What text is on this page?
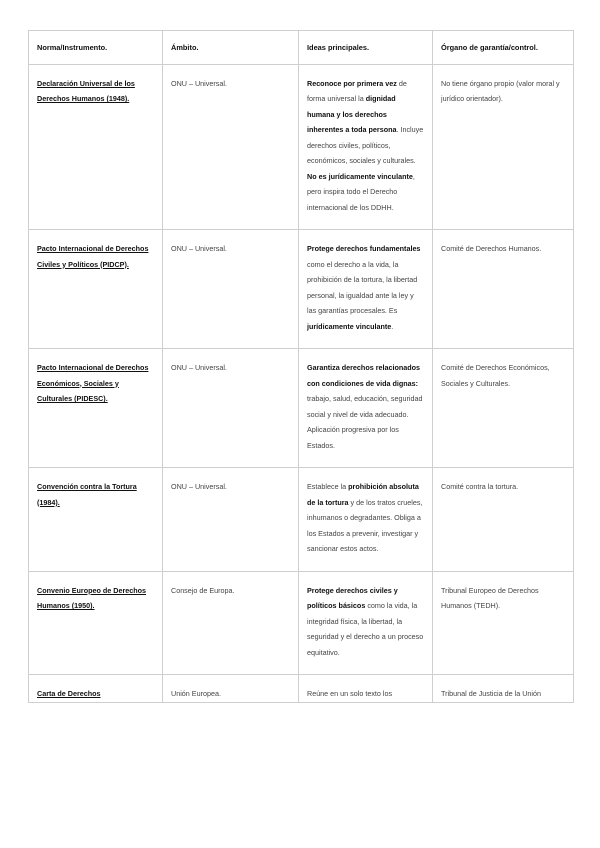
Norma/Instrumento.	Ámbito.	Ideas principales.	Órgano de garantía/control.
Declaración Universal de los Derechos Humanos (1948).	ONU – Universal.	Reconoce por primera vez de forma universal la dignidad humana y los derechos inherentes a toda persona. Incluye derechos civiles, políticos, económicos, sociales y culturales. No es jurídicamente vinculante, pero inspira todo el Derecho internacional de los DDHH.	No tiene órgano propio (valor moral y jurídico orientador).
Pacto Internacional de Derechos Civiles y Políticos (PIDCP).	ONU – Universal.	Protege derechos fundamentales como el derecho a la vida, la prohibición de la tortura, la libertad personal, la igualdad ante la ley y las garantías procesales. Es jurídicamente vinculante.	Comité de Derechos Humanos.
Pacto Internacional de Derechos Económicos, Sociales y Culturales (PIDESC).	ONU – Universal.	Garantiza derechos relacionados con condiciones de vida dignas: trabajo, salud, educación, seguridad social y nivel de vida adecuado. Aplicación progresiva por los Estados.	Comité de Derechos Económicos, Sociales y Culturales.
Convención contra la Tortura (1984).	ONU – Universal.	Establece la prohibición absoluta de la tortura y de los tratos crueles, inhumanos o degradantes. Obliga a los Estados a prevenir, investigar y sancionar estos actos.	Comité contra la tortura.
Convenio Europeo de Derechos Humanos (1950).	Consejo de Europa.	Protege derechos civiles y políticos básicos como la vida, la integridad física, la libertad, la seguridad y el derecho a un proceso equitativo.	Tribunal Europeo de Derechos Humanos (TEDH).
Carta de Derechos	Unión Europea.	Reúne en un solo texto los	Tribunal de Justicia de la Unión
